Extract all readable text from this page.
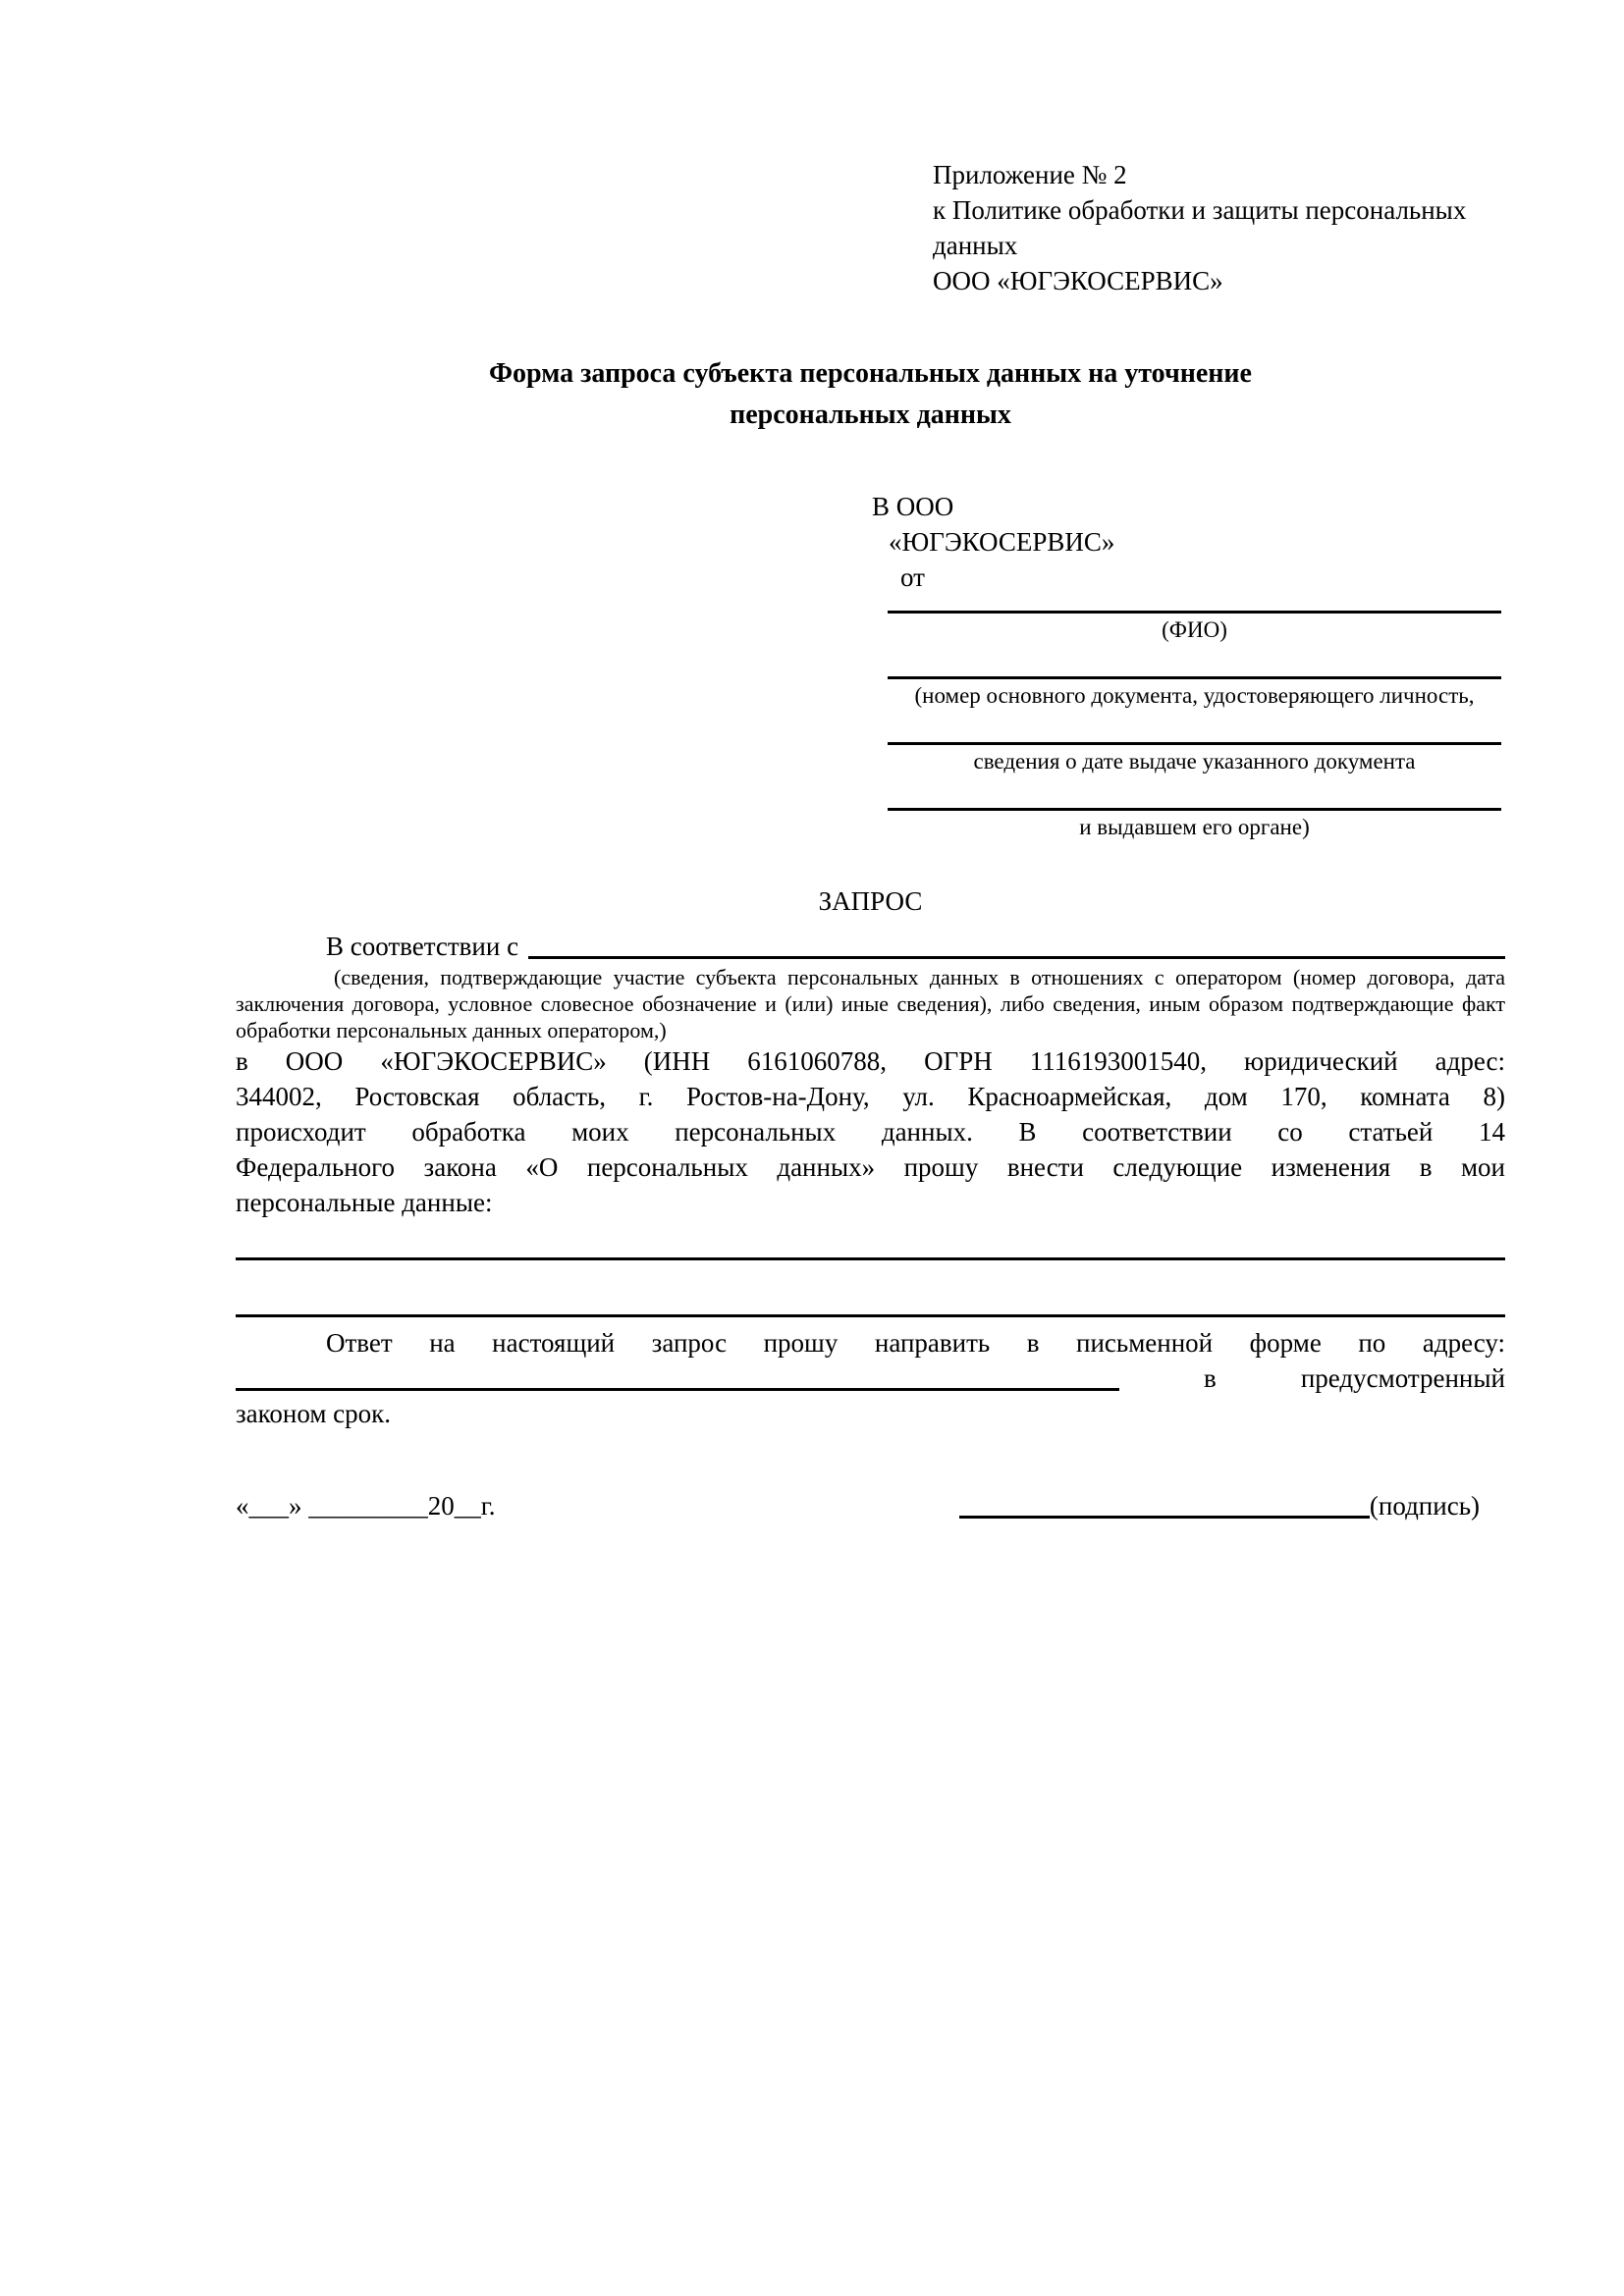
Приложение № 2
к Политике обработки и защиты персональных
данных
ООО «ЮГЭКОСЕРВИС»
Форма запроса субъекта персональных данных на уточнение
персональных данных
В ООО
«ЮГЭКОСЕРВИС»
от
(ФИО)
(номер основного документа, удостоверяющего личность,
сведения о дате выдаче указанного документа
и выдавшем его органе)
ЗАПРОС
В соответствии с
(сведения, подтверждающие участие субъекта персональных данных в отношениях с оператором (номер договора, дата
заключения договора, условное словесное обозначение и (или) иные сведения), либо сведения, иным образом подтверждающие факт
обработки персональных данных оператором,)
в ООО «ЮГЭКОСЕРВИС» (ИНН 6161060788, ОГРН 1116193001540, юридический адрес:
344002, Ростовская область, г. Ростов-на-Дону, ул. Красноармейская, дом 170, комната 8)
происходит обработка моих персональных данных. В соответствии со статьей 14
Федерального закона «О персональных данных» прошу внести следующие изменения в мои
персональные данные:
Ответ на настоящий запрос прошу направить в письменной форме по адресу:
в	предусмотренный
законом срок.
«___» _________20__г.	(подпись)
